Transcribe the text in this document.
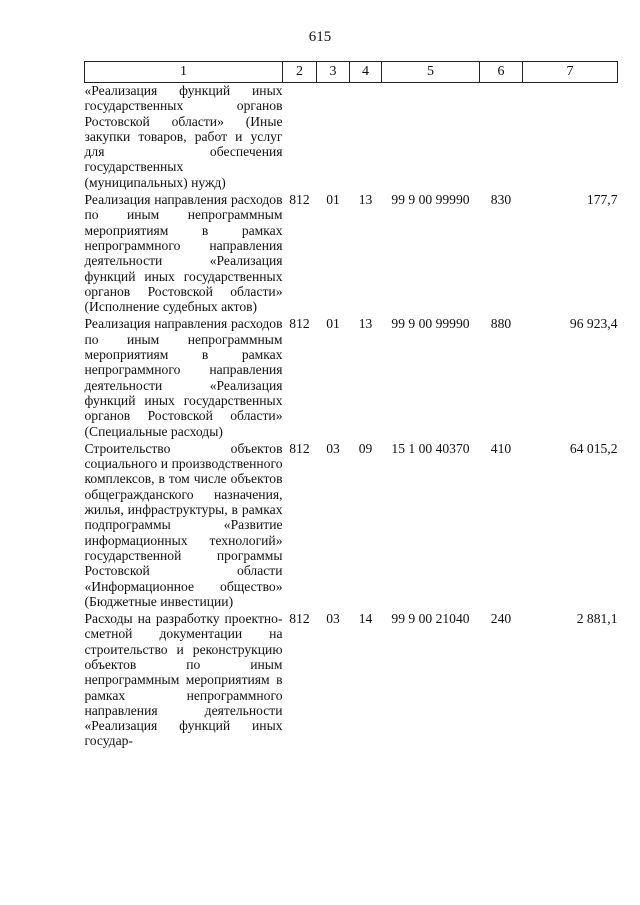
615
1	2	3	4	5	6	7
«Реализация функций иных государственных органов Ростовской области» (Иные закупки товаров, работ и услуг для обеспечения государственных (муниципальных) нужд)						
Реализация направления расходов по иным непрограммным мероприятиям в рамках непрограммного направления деятельности «Реализация функций иных государственных органов Ростовской области» (Исполнение судебных актов)	812	01	13	99 9 00 99990	830	177,7
Реализация направления расходов по иным непрограммным мероприятиям в рамках непрограммного направления деятельности «Реализация функций иных государственных органов Ростовской области» (Специальные расходы)	812	01	13	99 9 00 99990	880	96 923,4
Строительство объектов социального и производственного комплексов, в том числе объектов общегражданского назначения, жилья, инфраструктуры, в рамках подпрограммы «Развитие информационных технологий» государственной программы Ростовской области «Информационное общество» (Бюджетные инвестиции)	812	03	09	15 1 00 40370	410	64 015,2
Расходы на разработку проектно-сметной документации на строительство и реконструкцию объектов по иным непрограммным мероприятиям в рамках непрограммного направления деятельности «Реализация функций иных государ-	812	03	14	99 9 00 21040	240	2 881,1
